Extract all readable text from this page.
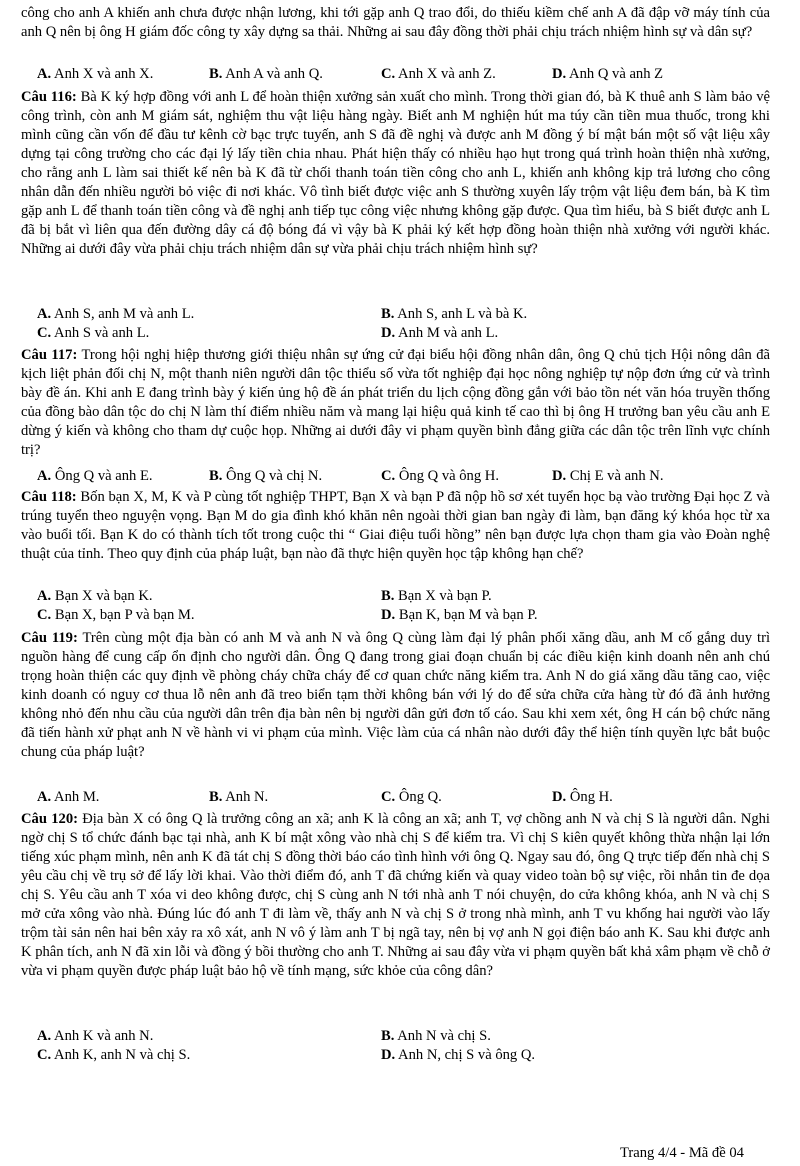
công cho anh A khiến anh chưa được nhận lương, khi tới gặp anh Q trao đổi, do thiếu kiềm chế anh A đã đập vỡ máy tính của anh Q nên bị ông H giám đốc công ty xây dựng sa thải. Những ai sau đây đồng thời phải chịu trách nhiệm hình sự và dân sự?

A. Anh X và anh X.	B. Anh A và anh Q.	C. Anh X và anh Z.	D. Anh Q và anh Z

Câu 116: Bà K ký hợp đồng với anh L để hoàn thiện xưởng sản xuất cho mình. Trong thời gian đó, bà K thuê anh S làm bảo vệ công trình, còn anh M giám sát, nghiệm thu vật liệu hàng ngày. Biết anh M nghiện hút ma túy cần tiền mua thuốc, trong khi mình cũng cần vốn để đầu tư kênh cờ bạc trực tuyến, anh S đã đề nghị và được anh M đồng ý bí mật bán một số vật liệu xây dựng tại công trường cho các đại lý lấy tiền chia nhau. Phát hiện thấy có nhiều hạo hụt trong quá trình hoàn thiện nhà xưởng, cho rằng anh L làm sai thiết kế nên bà K đã từ chối thanh toán tiền công cho anh L, khiến anh không kịp trả lương cho công nhân dẫn đến nhiều người bỏ việc đi nơi khác. Vô tình biết được việc anh S thường xuyên lấy trộm vật liệu đem bán, bà K tìm gặp anh L để thanh toán tiền công và đề nghị anh tiếp tục công việc nhưng không gặp được. Qua tìm hiểu, bà S biết được anh L đã bị bắt vì liên qua đến đường dây cá độ bóng đá vì vậy bà K phải ký kết hợp đồng hoàn thiện nhà xưởng với người khác. Những ai dưới đây vừa phải chịu trách nhiệm dân sự vừa phải chịu trách nhiệm hình sự?

A. Anh S, anh M và anh L.	B. Anh S, anh L và bà K.
C. Anh S và anh L.	D. Anh M và anh L.

Câu 117: Trong hội nghị hiệp thương giới thiệu nhân sự ứng cử đại biểu hội đồng nhân dân, ông Q chủ tịch Hội nông dân đã kịch liệt phản đối chị N, một thanh niên người dân tộc thiểu số vừa tốt nghiệp đại học nông nghiệp tự nộp đơn ứng cử và trình bày đề án. Khi anh E đang trình bày ý kiến ủng hộ đề án phát triển du lịch cộng đồng gắn với bảo tồn nét văn hóa truyền thống của đồng bào dân tộc do chị N làm thí điểm nhiều năm và mang lại hiệu quả kinh tế cao thì bị ông H trưởng ban yêu cầu anh E dừng ý kiến và không cho tham dự cuộc họp. Những ai dưới đây vi phạm quyền bình đẳng giữa các dân tộc trên lĩnh vực chính trị?

A. Ông Q và anh E.	B. Ông Q và chị N.	C. Ông Q và ông H.	D. Chị E và anh N.

Câu 118: Bốn bạn X, M, K và P cùng tốt nghiệp THPT, Bạn X và bạn P đã nộp hồ sơ xét tuyển học bạ vào trường Đại học Z và trúng tuyển theo nguyện vọng. Bạn M do gia đình khó khăn nên ngoài thời gian ban ngày đi làm, bạn đăng ký khóa học từ xa vào buổi tối. Bạn K do có thành tích tốt trong cuộc thi “ Giai điệu tuổi hồng” nên bạn được lựa chọn tham gia vào Đoàn nghệ thuật của tỉnh. Theo quy định của pháp luật, bạn nào đã thực hiện quyền học tập không hạn chế?

A. Bạn X và bạn K.	B. Bạn X và bạn P.
C. Bạn X, bạn P và bạn M.	D. Bạn K, bạn M và bạn P.

Câu 119: Trên cùng một địa bàn có anh M và anh N và ông Q cùng làm đại lý phân phối xăng dầu, anh M cố gắng duy trì nguồn hàng để cung cấp ổn định cho người dân. Ông Q đang trong giai đoạn chuẩn bị các điều kiện kinh doanh nên anh chú trọng hoàn thiện các quy định về phòng cháy chữa cháy để cơ quan chức năng kiểm tra. Anh N do giá xăng dầu tăng cao, việc kinh doanh có nguy cơ thua lỗ nên anh đã treo biển tạm thời không bán với lý do để sửa chữa cửa hàng từ đó đã ảnh hưởng không nhỏ đến nhu cầu của người dân trên địa bàn nên bị người dân gửi đơn tố cáo. Sau khi xem xét, ông H cán bộ chức năng đã tiến hành xử phạt anh N về hành vi vi phạm của mình. Việc làm của cá nhân nào dưới đây thể hiện tính quyền lực bắt buộc chung của pháp luật?

A. Anh M.	B. Anh N.	C. Ông Q.	D. Ông H.

Câu 120: Địa bàn X có ông Q là trưởng công an xã; anh K là công an xã; anh T, vợ chồng anh N và chị S là người dân. Nghi ngờ chị S tổ chức đánh bạc tại nhà, anh K bí mật xông vào nhà chị S để kiểm tra. Vì chị S kiên quyết không thừa nhận lại lớn tiếng xúc phạm mình, nên anh K đã tát chị S đồng thời báo cáo tình hình với ông Q. Ngay sau đó, ông Q trực tiếp đến nhà chị S yêu cầu chị về trụ sở để lấy lời khai. Vào thời điểm đó, anh T đã chứng kiến và quay video toàn bộ sự việc, rồi nhắn tin đe dọa chị S. Yêu cầu anh T xóa vi deo không được, chị S cùng anh N tới nhà anh T nói chuyện, do cửa không khóa, anh N và chị S mở cửa xông vào nhà. Đúng lúc đó anh T đi làm về, thấy anh N và chị S ở trong nhà mình, anh T vu khống hai người vào lấy trộm tài sản nên hai bên xảy ra xô xát, anh N vô ý làm anh T bị ngã tay, nên bị vợ anh N gọi điện báo anh K. Sau khi được anh K phân tích, anh N đã xin lỗi và đồng ý bồi thường cho anh T. Những ai sau đây vừa vi phạm quyền bất khả xâm phạm về chỗ ở vừa vi phạm quyền được pháp luật bảo hộ về tính mạng, sức khỏe của công dân?

A. Anh K và anh N.	B. Anh N và chị S.
C. Anh K, anh N và chị S.	D. Anh N, chị S và ông Q.
Trang 4/4 - Mã đề 04
